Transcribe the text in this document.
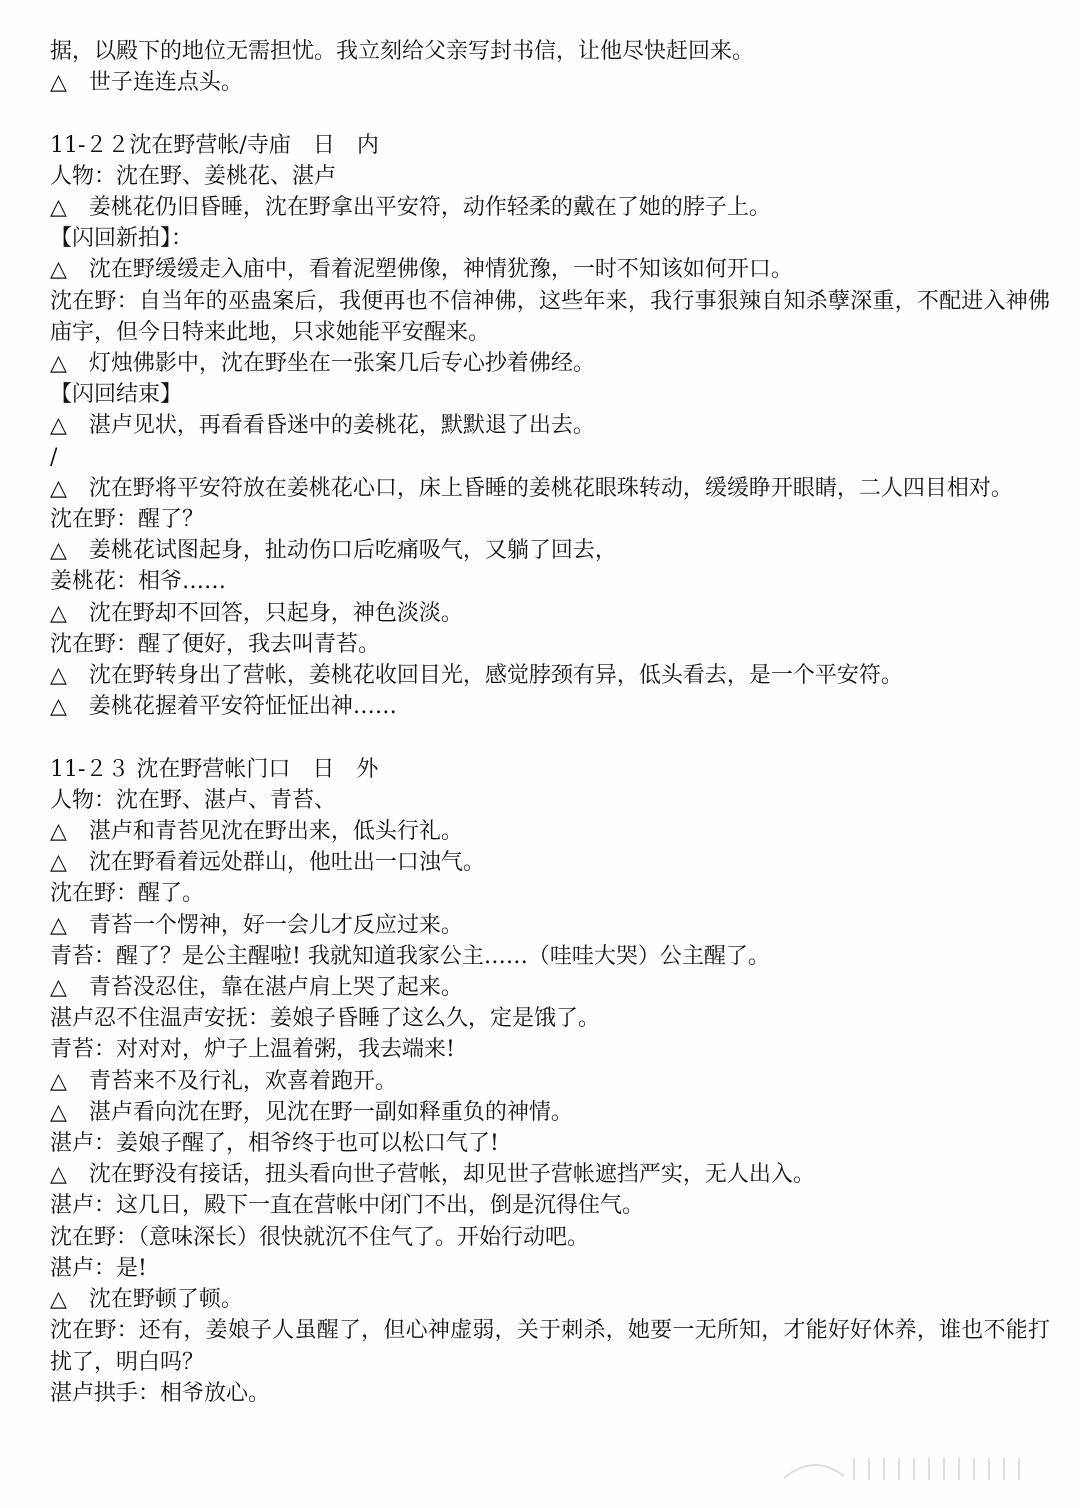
据，以殿下的地位无需担忧。我立刻给父亲写封书信，让他尽快赶回来。
△　世子连连点头。
11-２２沈在野营帐/寺庙　日　内
人物：沈在野、姜桃花、湛卢
△　姜桃花仍旧昏睡，沈在野拿出平安符，动作轻柔的戴在了她的脖子上。
【闪回新拍】：
△　沈在野缓缓走入庙中，看着泥塑佛像，神情犹豫，一时不知该如何开口。
沈在野：自当年的巫蛊案后，我便再也不信神佛，这些年来，我行事狠辣自知杀孽深重，不配进入神佛庙宇，但今日特来此地，只求她能平安醒来。
△　灯烛佛影中，沈在野坐在一张案几后专心抄着佛经。
【闪回结束】
△　湛卢见状，再看看昏迷中的姜桃花，默默退了出去。
/
△　沈在野将平安符放在姜桃花心口，床上昏睡的姜桃花眼珠转动，缓缓睁开眼睛，二人四目相对。
沈在野：醒了？
△　姜桃花试图起身，扯动伤口后吃痛吸气，又躺了回去，
姜桃花：相爷……
△　沈在野却不回答，只起身，神色淡淡。
沈在野：醒了便好，我去叫青苔。
△　沈在野转身出了营帐，姜桃花收回目光，感觉脖颈有异，低头看去，是一个平安符。
△　姜桃花握着平安符怔怔出神……
11-２３ 沈在野营帐门口　日　外
人物：沈在野、湛卢、青苔、
△　湛卢和青苔见沈在野出来，低头行礼。
△　沈在野看着远处群山，他吐出一口浊气。
沈在野：醒了。
△　青苔一个愣神，好一会儿才反应过来。
青苔：醒了？是公主醒啦! 我就知道我家公主……（哇哇大哭）公主醒了。
△　青苔没忍住，靠在湛卢肩上哭了起来。
湛卢忍不住温声安抚：姜娘子昏睡了这么久，定是饿了。
青苔：对对对，炉子上温着粥，我去端来!
△　青苔来不及行礼，欢喜着跑开。
△　湛卢看向沈在野，见沈在野一副如释重负的神情。
湛卢：姜娘子醒了，相爷终于也可以松口气了!
△　沈在野没有接话，扭头看向世子营帐，却见世子营帐遮挡严实，无人出入。
湛卢：这几日，殿下一直在营帐中闭门不出，倒是沉得住气。
沈在野：（意味深长）很快就沉不住气了。开始行动吧。
湛卢：是!
△　沈在野顿了顿。
沈在野：还有，姜娘子人虽醒了，但心神虚弱，关于刺杀，她要一无所知，才能好好休养，谁也不能打扰了，明白吗？
湛卢拱手：相爷放心。
